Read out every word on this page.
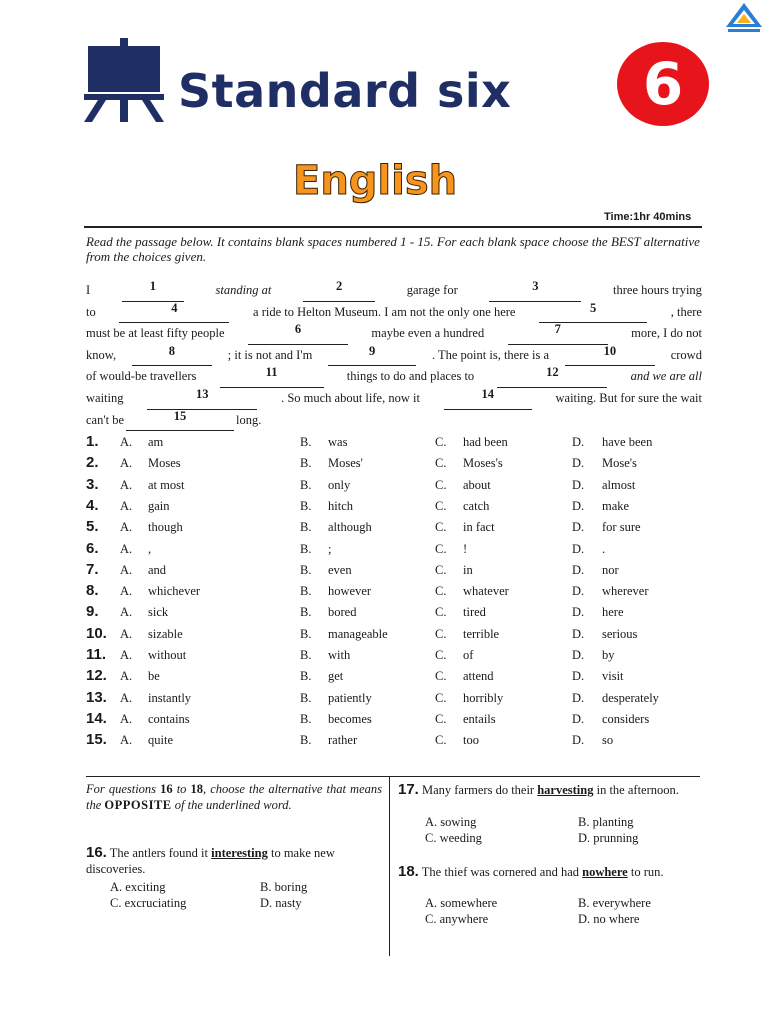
Standard six 6
English
Time:1hr 40mins
Read the passage below. It contains blank spaces numbered 1 - 15. For each blank space choose the BEST alternative from the choices given.
I	1	standing at	2	garage for	3	three hours trying
to	4	a ride to Helton Museum. I am not the only one here	5	, there
must be at least fifty people	6	maybe even a hundred	7	more, I do not
know,	8	; it is not and I'm	9	. The point is, there is a	10	crowd
of would-be travellers	11	things to do and places to	12	and we are all
waiting	13	. So much about life, now it	14	waiting. But for sure the wait
can't be	15	long.
1. A. am	B. was	C. had been	D. have been
2. A. Moses	B. Moses'	C. Moses's	D. Mose's
3. A. at most	B. only	C. about	D. almost
4. A. gain	B. hitch	C. catch	D. make
5. A. though	B. although	C. in fact	D. for sure
6. A. ,	B. ;	C. !	D. .
7. A. and	B. even	C. in	D. nor
8. A. whichever	B. however	C. whatever	D. wherever
9. A. sick	B. bored	C. tired	D. here
10. A. sizable	B. manageable	C. terrible	D. serious
11. A. without	B. with	C. of	D. by
12. A. be	B. get	C. attend	D. visit
13. A. instantly	B. patiently	C. horribly	D. desperately
14. A. contains	B. becomes	C. entails	D. considers
15. A. quite	B. rather	C. too	D. so
For questions 16 to 18, choose the alternative that means the OPPOSITE of the underlined word.
16. The antlers found it interesting to make new discoveries.
A. exciting	B. boring
C. excruciating	D. nasty
17. Many farmers do their harvesting in the afternoon.
A. sowing	B. planting
C. weeding	D. prunning
18. The thief was cornered and had nowhere to run.
A. somewhere	B. everywhere
C. anywhere	D. no where
